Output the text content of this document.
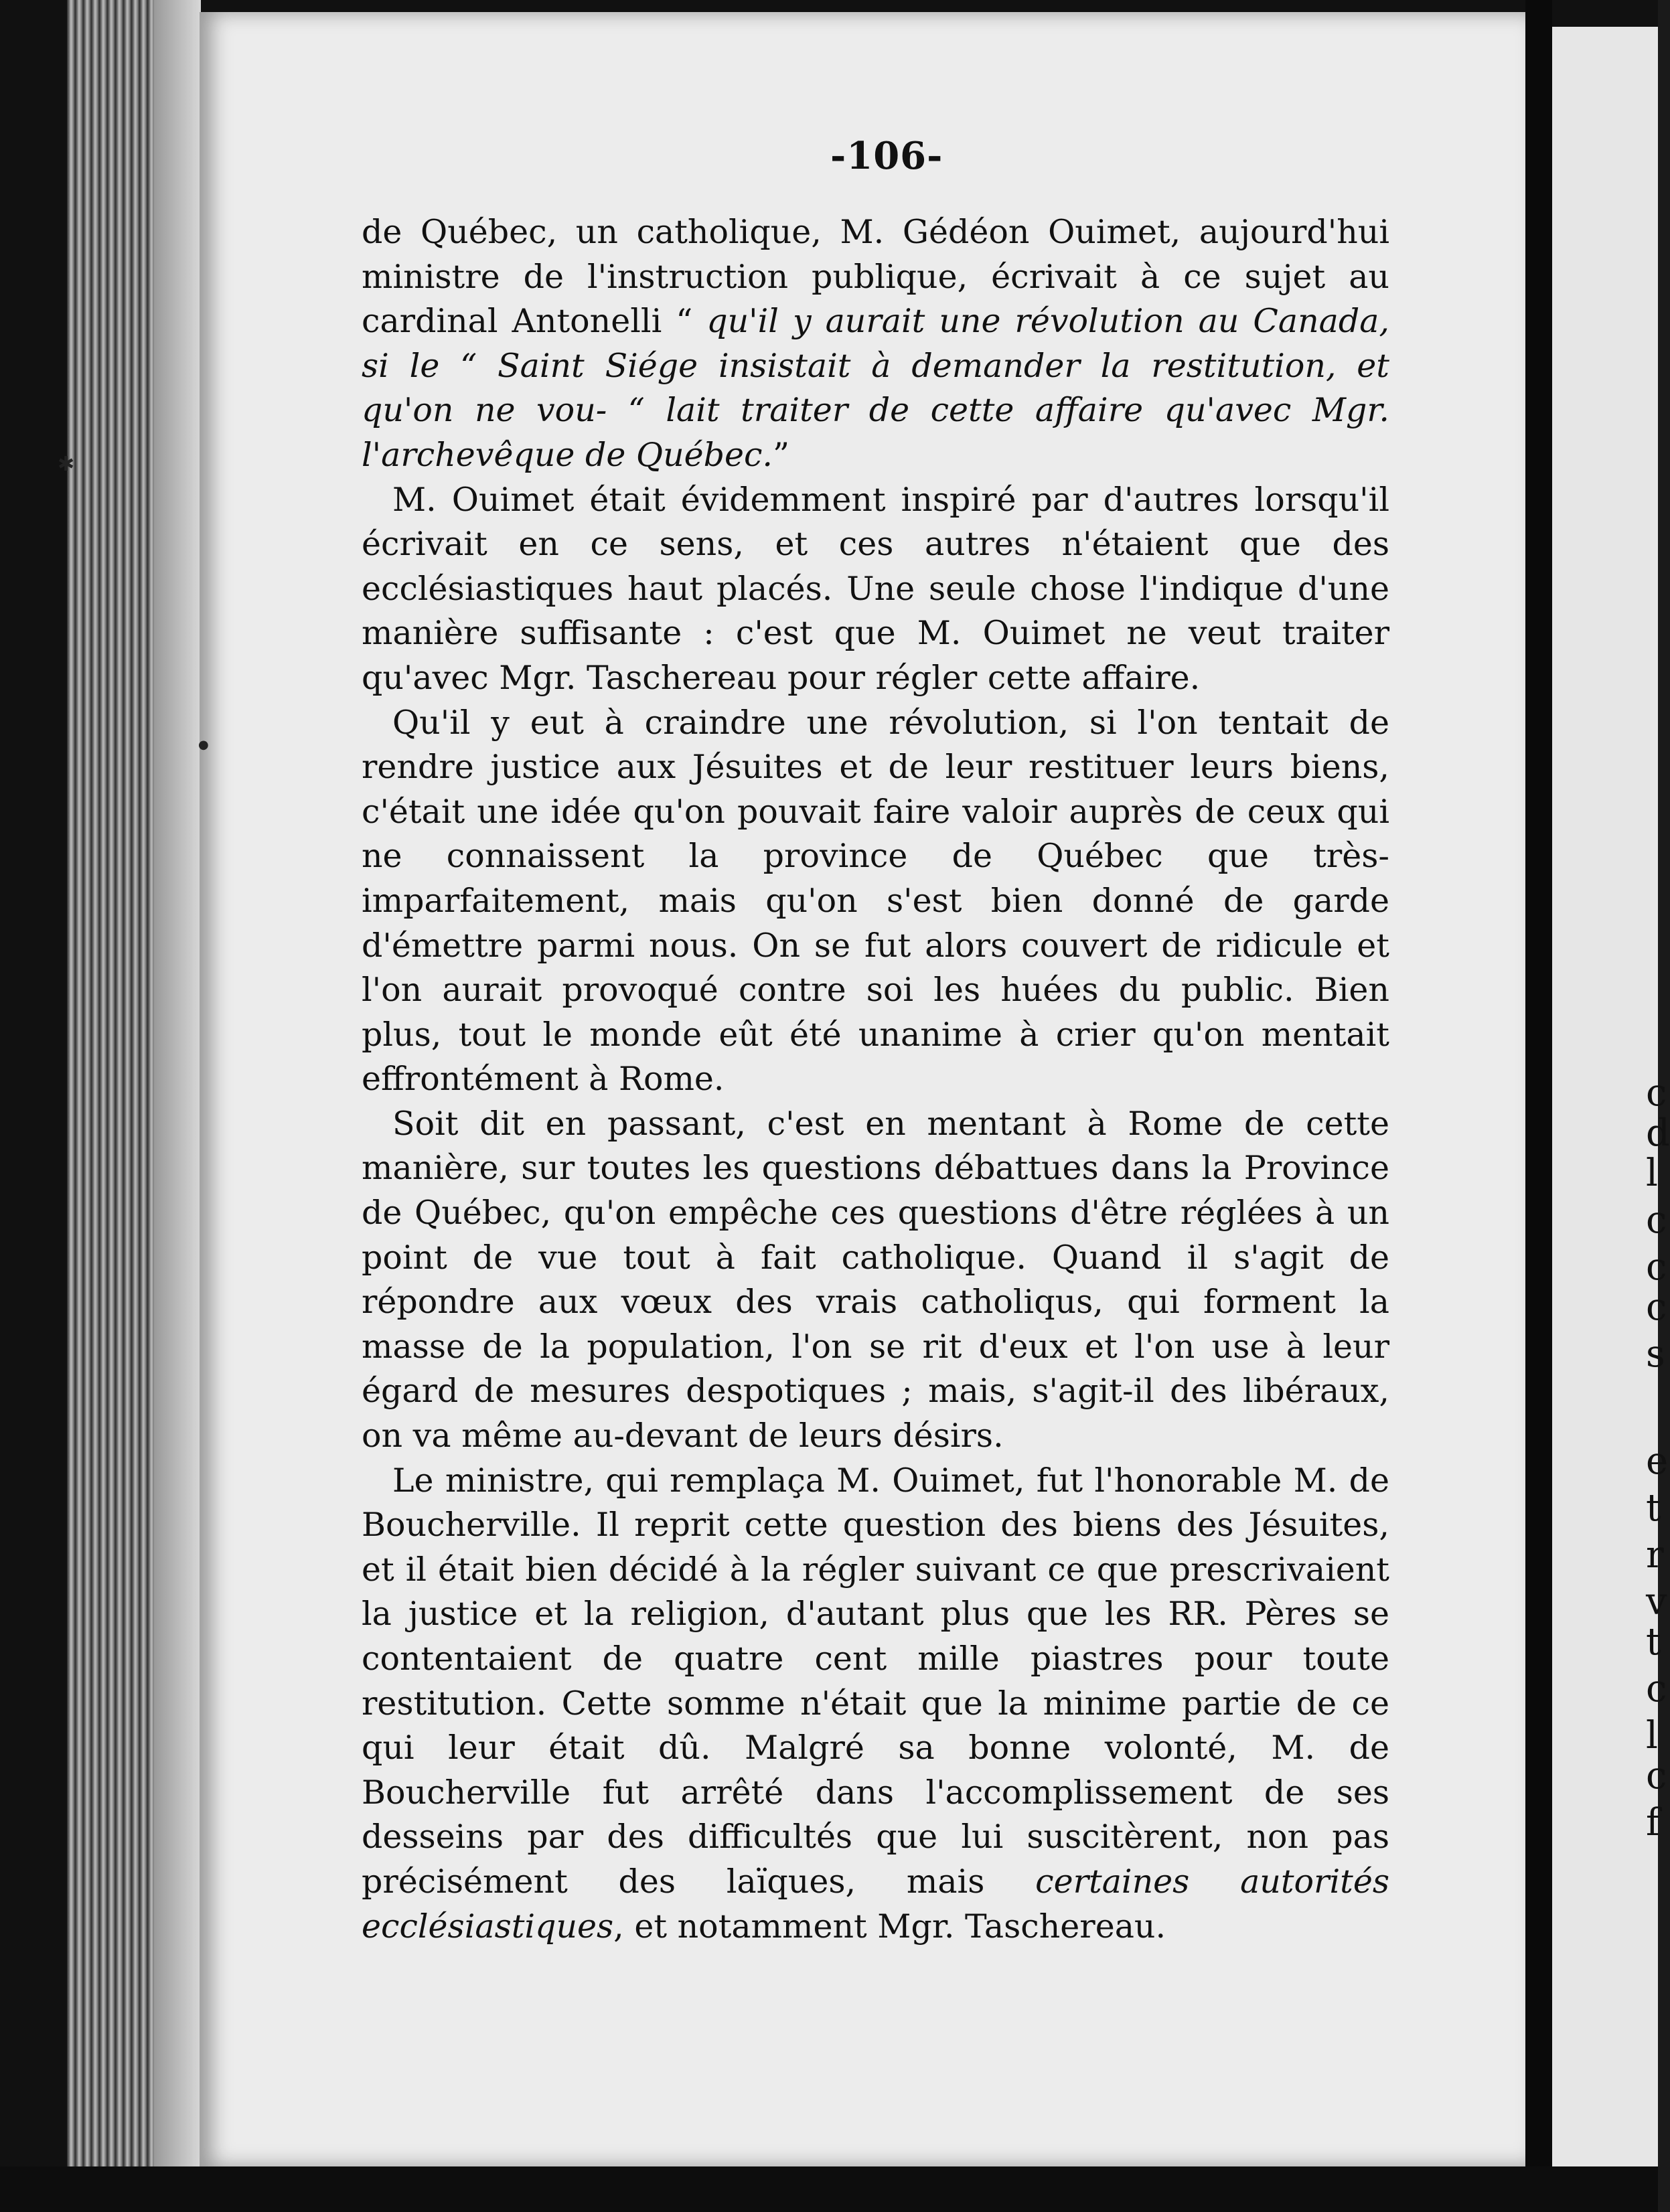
c
d
l
c
c
c
s
e
t
r
v
t
c
l
c
f
-106-
✱
●

de Québec, un catholique, M. Gédéon Ouimet, aujourd'hui ministre de l'instruction publique, écrivait à ce sujet au cardinal Antonelli “ qu'il y aurait une révolution au Canada, si le “ Saint Siége insistait à demander la restitution, et qu'on ne vou- “ lait traiter de cette affaire qu'avec Mgr. l'archevêque de Québec.”

M. Ouimet était évidemment inspiré par d'autres lorsqu'il écrivait en ce sens, et ces autres n'étaient que des ecclésiastiques haut placés. Une seule chose l'indique d'une manière suffisante : c'est que M. Ouimet ne veut traiter qu'avec Mgr. Taschereau pour régler cette affaire.

Qu'il y eut à craindre une révolution, si l'on tentait de rendre justice aux Jésuites et de leur restituer leurs biens, c'était une idée qu'on pouvait faire valoir auprès de ceux qui ne connaissent la province de Québec que très-imparfaitement, mais qu'on s'est bien donné de garde d'émettre parmi nous. On se fut alors couvert de ridicule et l'on aurait provoqué contre soi les huées du public. Bien plus, tout le monde eût été unanime à crier qu'on mentait effrontément à Rome.

Soit dit en passant, c'est en mentant à Rome de cette manière, sur toutes les questions débattues dans la Province de Québec, qu'on empêche ces questions d'être réglées à un point de vue tout à fait catholique. Quand il s'agit de répondre aux vœux des vrais catholiqus, qui forment la masse de la population, l'on se rit d'eux et l'on use à leur égard de mesures despotiques ; mais, s'agit-il des libéraux, on va même au-devant de leurs désirs.

Le ministre, qui remplaça M. Ouimet, fut l'honorable M. de Boucherville. Il reprit cette question des biens des Jésuites, et il était bien décidé à la régler suivant ce que prescrivaient la justice et la religion, d'autant plus que les RR. Pères se contentaient de quatre cent mille piastres pour toute restitution. Cette somme n'était que la minime partie de ce qui leur était dû. Malgré sa bonne volonté, M. de Boucherville fut arrêté dans l'accomplissement de ses desseins par des difficultés que lui suscitèrent, non pas précisément des laïques, mais certaines autorités ecclésiastiques, et notamment Mgr. Taschereau.
